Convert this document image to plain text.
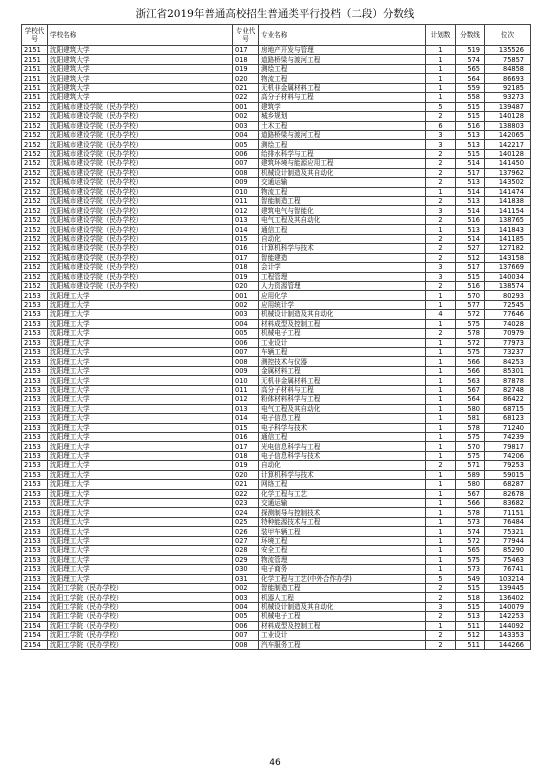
浙江省2019年普通高校招生普通类平行投档（二段）分数线
学校代号	学校名称	专业代号	专业名称	计划数	分数线	位次
2151	沈阳建筑大学	017	房地产开发与管理	1	519	135526
2151	沈阳建筑大学	018	道路桥梁与渡河工程	1	574	75857
2151	沈阳建筑大学	019	测绘工程	1	565	84858
2151	沈阳建筑大学	020	物流工程	1	564	86693
2151	沈阳建筑大学	021	无机非金属材料工程	1	559	92185
2151	沈阳建筑大学	022	高分子材料与工程	1	558	93273
2152	沈阳城市建设学院（民办学校）	001	建筑学	5	515	139487
2152	沈阳城市建设学院（民办学校）	002	城乡规划	2	515	140128
2152	沈阳城市建设学院（民办学校）	003	土木工程	6	516	138803
2152	沈阳城市建设学院（民办学校）	004	道路桥梁与渡河工程	3	513	142065
2152	沈阳城市建设学院（民办学校）	005	测绘工程	3	513	142217
2152	沈阳城市建设学院（民办学校）	006	给排水科学与工程	2	515	140128
2152	沈阳城市建设学院（民办学校）	007	建筑环境与能源应用工程	2	514	141450
2152	沈阳城市建设学院（民办学校）	008	机械设计制造及其自动化	2	517	137962
2152	沈阳城市建设学院（民办学校）	009	交通运输	2	513	143502
2152	沈阳城市建设学院（民办学校）	010	物流工程	1	514	141474
2152	沈阳城市建设学院（民办学校）	011	智能制造工程	2	513	141838
2152	沈阳城市建设学院（民办学校）	012	建筑电气与智能化	3	514	141154
2152	沈阳城市建设学院（民办学校）	013	电气工程及其自动化	2	516	138765
2152	沈阳城市建设学院（民办学校）	014	通信工程	1	513	141843
2152	沈阳城市建设学院（民办学校）	015	自动化	2	514	141185
2152	沈阳城市建设学院（民办学校）	016	计算机科学与技术	2	527	127182
2152	沈阳城市建设学院（民办学校）	017	智能建造	2	512	143158
2152	沈阳城市建设学院（民办学校）	018	会计学	3	517	137669
2152	沈阳城市建设学院（民办学校）	019	工程管理	3	515	140034
2152	沈阳城市建设学院（民办学校）	020	人力资源管理	2	516	138574
2153	沈阳理工大学	001	应用化学	1	570	80293
2153	沈阳理工大学	002	应用统计学	1	577	72545
2153	沈阳理工大学	003	机械设计制造及其自动化	4	572	77646
2153	沈阳理工大学	004	材料成型及控制工程	1	575	74028
2153	沈阳理工大学	005	机械电子工程	2	578	70979
2153	沈阳理工大学	006	工业设计	1	572	77973
2153	沈阳理工大学	007	车辆工程	1	575	73237
2153	沈阳理工大学	008	测控技术与仪器	1	566	84253
2153	沈阳理工大学	009	金属材料工程	1	566	85301
2153	沈阳理工大学	010	无机非金属材料工程	1	563	87878
2153	沈阳理工大学	011	高分子材料与工程	1	567	82748
2153	沈阳理工大学	012	粉体材料科学与工程	1	564	86422
2153	沈阳理工大学	013	电气工程及其自动化	1	580	68715
2153	沈阳理工大学	014	电子信息工程	1	581	68123
2153	沈阳理工大学	015	电子科学与技术	1	578	71240
2153	沈阳理工大学	016	通信工程	1	575	74239
2153	沈阳理工大学	017	光电信息科学与工程	1	570	79817
2153	沈阳理工大学	018	电子信息科学与技术	1	575	74206
2153	沈阳理工大学	019	自动化	2	571	79253
2153	沈阳理工大学	020	计算机科学与技术	1	589	59015
2153	沈阳理工大学	021	网络工程	1	580	68287
2153	沈阳理工大学	022	化学工程与工艺	1	567	82678
2153	沈阳理工大学	023	交通运输	1	566	83682
2153	沈阳理工大学	024	探测制导与控制技术	1	578	71151
2153	沈阳理工大学	025	特种能源技术与工程	1	573	76484
2153	沈阳理工大学	026	装甲车辆工程	1	574	75321
2153	沈阳理工大学	027	环境工程	1	572	77944
2153	沈阳理工大学	028	安全工程	1	565	85290
2153	沈阳理工大学	029	物流管理	1	575	75463
2153	沈阳理工大学	030	电子商务	1	573	76741
2153	沈阳理工大学	031	化学工程与工艺(中外合作办学)	5	549	103214
2154	沈阳工学院（民办学校）	002	智能制造工程	2	515	139445
2154	沈阳工学院（民办学校）	003	机器人工程	2	518	136402
2154	沈阳工学院（民办学校）	004	机械设计制造及其自动化	3	515	140079
2154	沈阳工学院（民办学校）	005	机械电子工程	2	513	142253
2154	沈阳工学院（民办学校）	006	材料成型及控制工程	1	511	144092
2154	沈阳工学院（民办学校）	007	工业设计	2	512	143353
2154	沈阳工学院（民办学校）	008	汽车服务工程	2	511	144266
46
